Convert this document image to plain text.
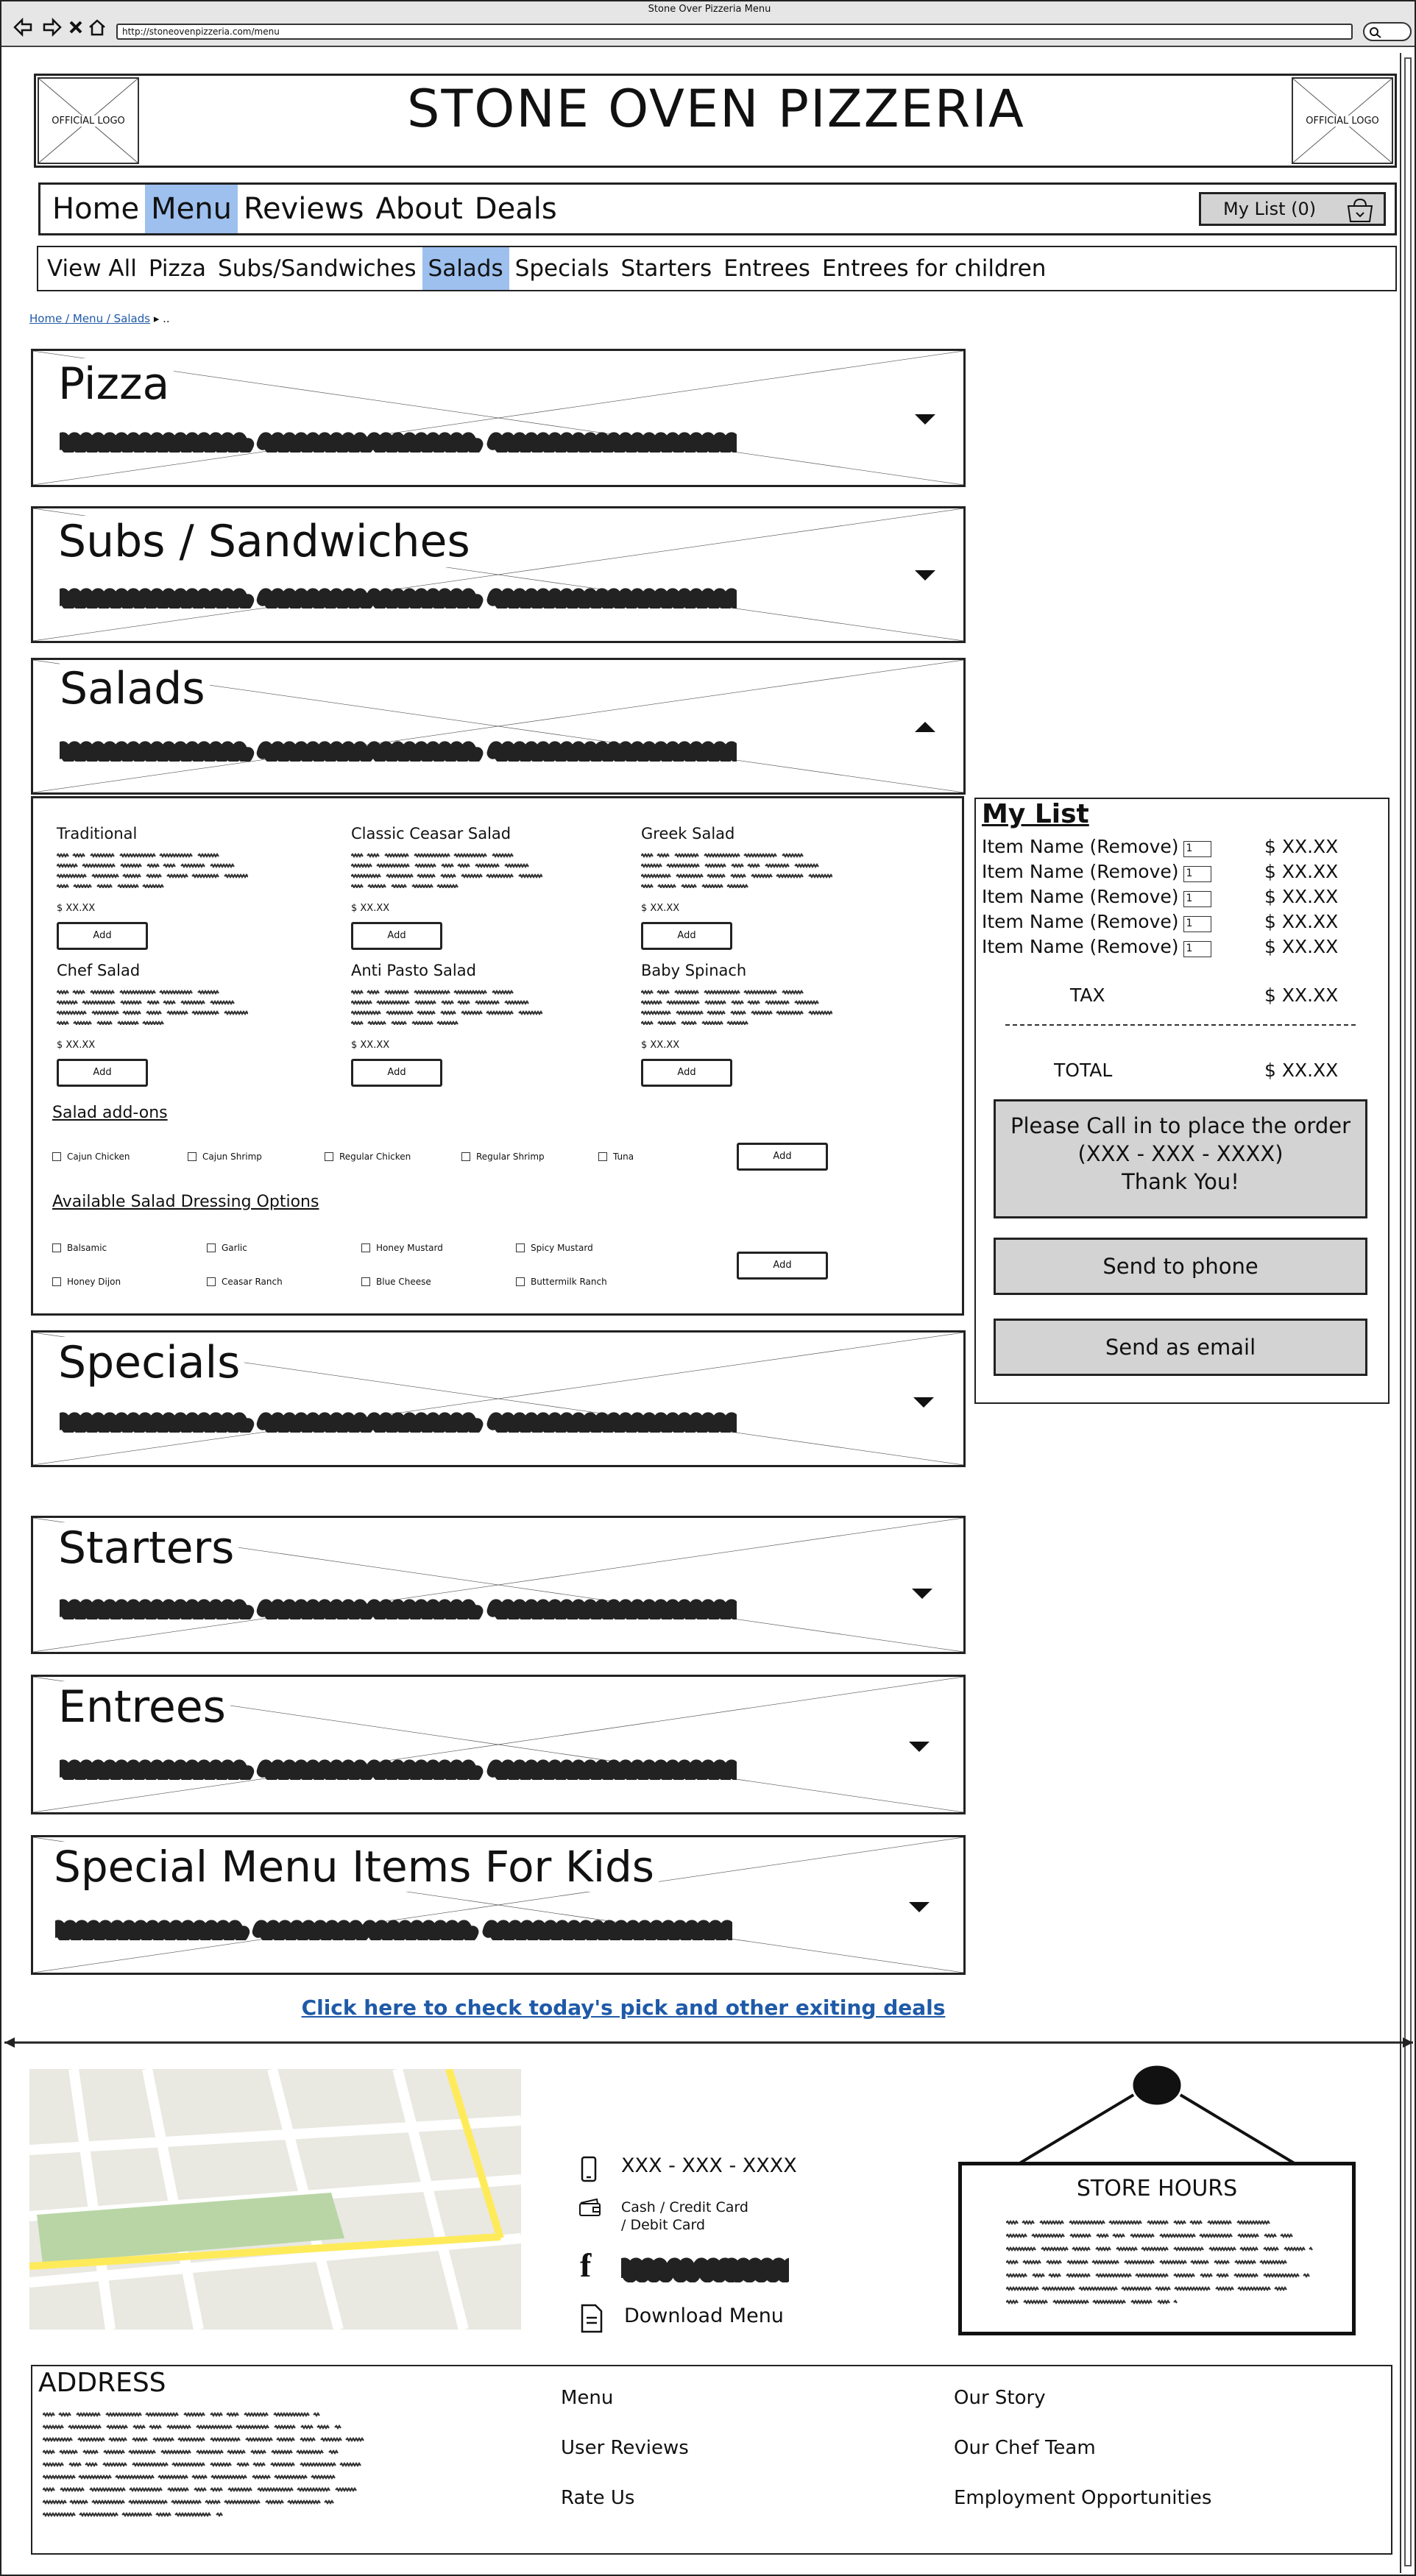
Stone Over Pizzeria Menu
http://stoneovenpizzeria.com/menu
OFFICIAL LOGO	STONE OVEN PIZZERIA	OFFICIAL LOGO
Home Menu Reviews About Deals	My List (0)
View All Pizza Subs/Sandwiches Salads Specials Starters Entrees Entrees for children
Home / Menu / Salads ▸ ..
Pizza
Subs / Sandwiches
Salads
Traditional
$ XX.XX
Add
Classic Ceasar Salad
$ XX.XX
Add
Greek Salad
$ XX.XX
Add
Chef Salad
$ XX.XX
Add
Anti Pasto Salad
$ XX.XX
Add
Baby Spinach
$ XX.XX
Add
Salad add-ons
Cajun Chicken	Cajun Shrimp	Regular Chicken	Regular Shrimp	Tuna	Add
Available Salad Dressing Options
Balsamic	Garlic	Honey Mustard	Spicy Mustard
Honey Dijon	Ceasar Ranch	Blue Cheese	Buttermilk Ranch
Add
Specials
Starters
Entrees
Special Menu Items For Kids
My List
Item Name (Remove) 1	$ XX.XX
Item Name (Remove) 1	$ XX.XX
Item Name (Remove) 1	$ XX.XX
Item Name (Remove) 1	$ XX.XX
Item Name (Remove) 1	$ XX.XX
TAX	$ XX.XX
TOTAL	$ XX.XX
Please Call in to place the order
(XXX - XXX - XXXX)
Thank You!
Send to phone
Send as email
Click here to check today's pick and other exiting deals
XXX - XXX - XXXX
Cash / Credit Card
/ Debit Card
f
Download Menu
STORE HOURS
ADDRESS	Menu
User Reviews
Rate Us
Our Story
Our Chef Team
Employment Opportunities
